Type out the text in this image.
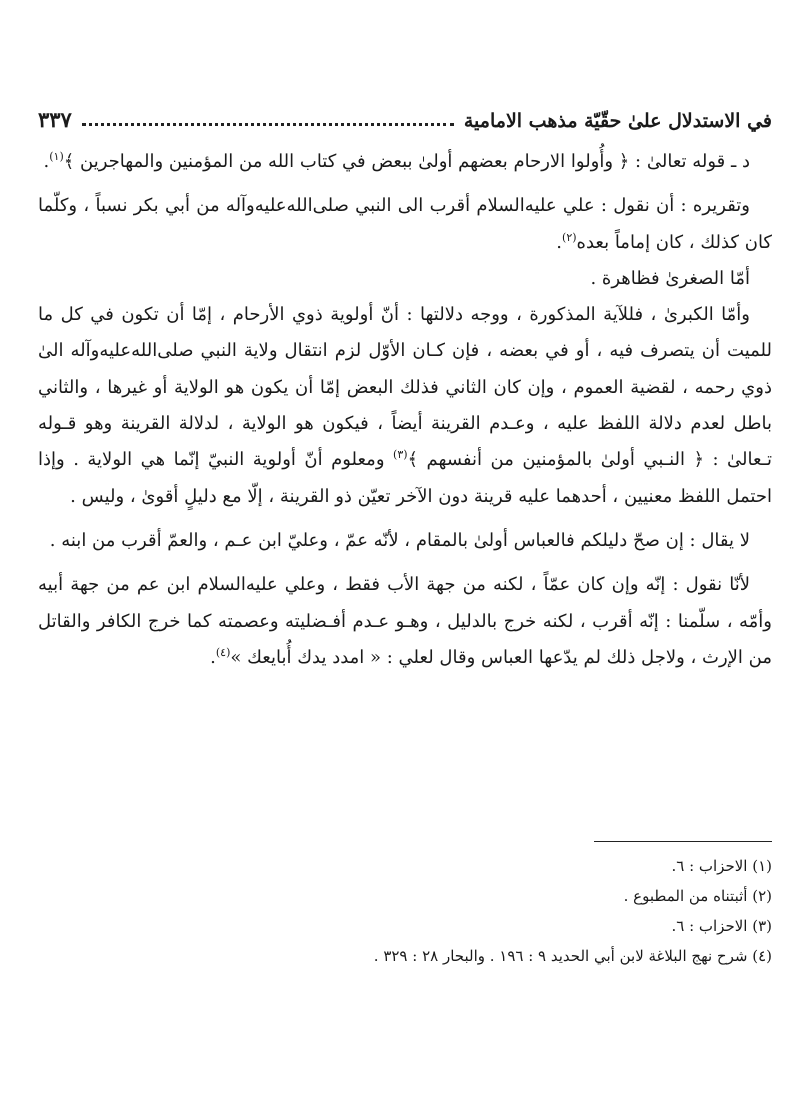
في الاستدلال علىٰ حقّيّة مذهب الامامية
٣٣٧

د ـ قوله تعالىٰ : ﴿ وأُولوا الارحام بعضهم أولىٰ ببعض في كتاب الله من المؤمنين والمهاجرين ﴾$^{(١)}$.

وتقريره : أن نقول : علي عليه‌السلام أقرب الى النبي صلى‌الله‌عليه‌وآله من أبي بكر نسباً ، وكلّما كان كذلك ، كان إماماً بعده$^{(٢)}$.

أمّا الصغرىٰ فظاهرة .

وأمّا الكبرىٰ ، فللآية المذكورة ، ووجه دلالتها : أنّ أولوية ذوي الأرحام ، إمّا أن تكون في كل ما للميت أن يتصرف فيه ، أو في بعضه ، فإن كـان الأوّل لزم انتقال ولاية النبي صلى‌الله‌عليه‌وآله الىٰ ذوي رحمه ، لقضية العموم ، وإن كان الثاني فذلك البعض إمّا أن يكون هو الولاية أو غيرها ، والثاني باطل لعدم دلالة اللفظ عليه ، وعـدم القرينة أيضاً ، فيكون هو الولاية ، لدلالة القرينة وهو قـوله تـعالىٰ : ﴿ النـبي أولىٰ بالمؤمنين من أنفسهم ﴾$^{(٣)}$ ومعلوم أنّ أولوية النبيّ إنّما هي الولاية . وإذا احتمل اللفظ معنيين ، أحدهما عليه قرينة دون الآخر تعيّن ذو القرينة ، إلّا مع دليلٍ أقوىٰ ، وليس .

لا يقال : إن صحّ دليلكم فالعباس أولىٰ بالمقام ، لأنّه عمّ ، وعليّ ابن عـم ، والعمّ أقرب من ابنه .

لأنّا نقول : إنّه وإن كان عمّاً ، لكنه من جهة الأب فقط ، وعلي عليه‌السلام ابن عم من جهة أبيه وأمّه ، سلّمنا : إنّه أقرب ، لكنه خرج بالدليل ، وهـو عـدم أفـضليته وعصمته كما خرج الكافر والقاتل من الإرث ، ولاجل ذلك لم يدّعها العباس وقال لعلي : « امدد يدك أُبايعك »$^{(٤)}$.

(١) الاحزاب : ٦.
(٢) أثبتناه من المطبوع .
(٣) الاحزاب : ٦.
(٤) شرح نهج البلاغة لابن أبي الحديد ٩ : ١٩٦ . والبحار ٢٨ : ٣٢٩ .
